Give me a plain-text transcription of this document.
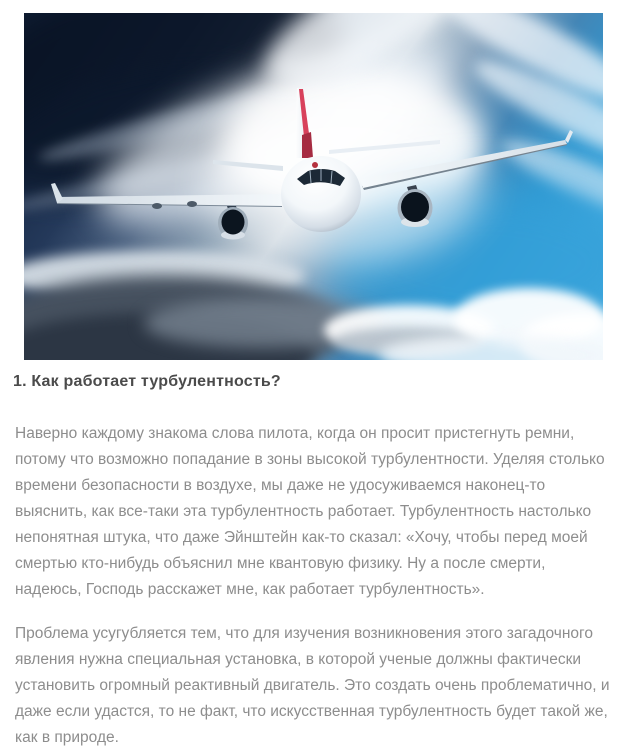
1. Как работает турбулентность?

Наверно каждому знакома слова пилота, когда он просит пристегнуть ремни, потому что возможно попадание в зоны высокой турбулентности. Уделяя столько времени безопасности в воздухе, мы даже не удосуживаемся наконец-то выяснить, как все-таки эта турбулентность работает. Турбулентность настолько непонятная штука, что даже Эйнштейн как-то сказал: «Хочу, чтобы перед моей смертью кто-нибудь объяснил мне квантовую физику. Ну а после смерти, надеюсь, Господь расскажет мне, как работает турбулентность».

Проблема усугубляется тем, что для изучения возникновения этого загадочного явления нужна специальная установка, в которой ученые должны фактически установить огромный реактивный двигатель. Это создать очень проблематично, и даже если удастся, то не факт, что искусственная турбулентность будет такой же, как в природе.
